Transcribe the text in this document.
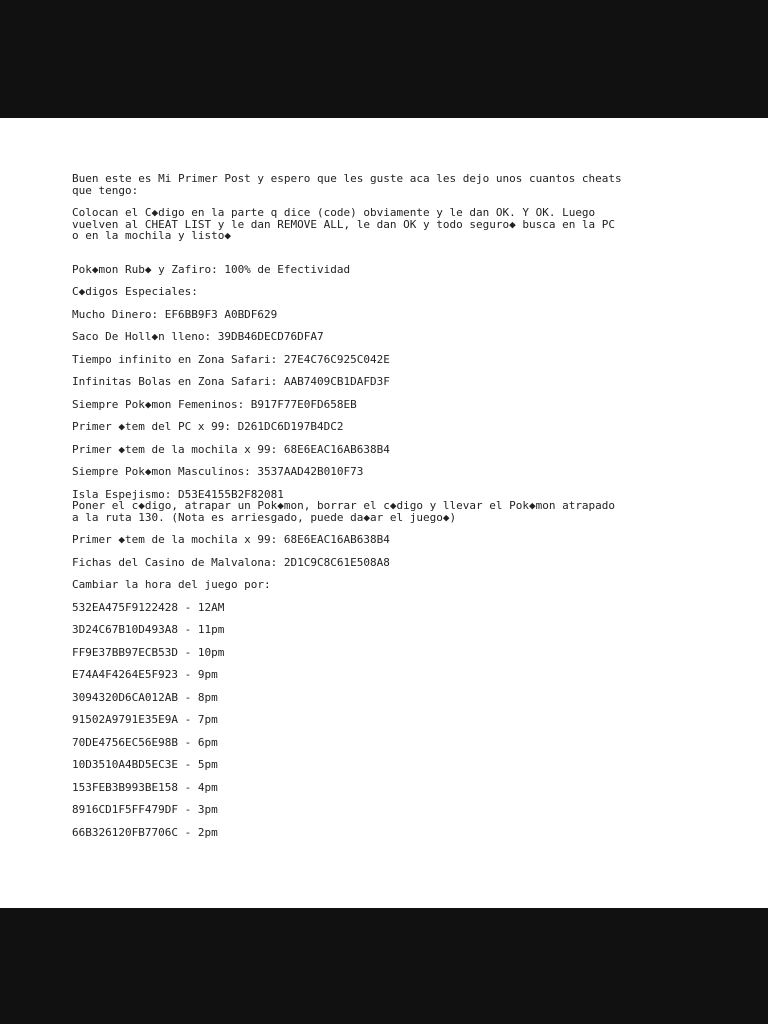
Buen este es Mi Primer Post y espero que les guste aca les dejo unos cuantos cheats
que tengo:
Colocan el C◆digo en la parte q dice (code) obviamente y le dan OK. Y OK. Luego
vuelven al CHEAT LIST y le dan REMOVE ALL, le dan OK y todo seguro◆ busca en la PC
o en la mochila y listo◆
Pok◆mon Rub◆ y Zafiro: 100% de Efectividad
C◆digos Especiales:
Mucho Dinero: EF6BB9F3 A0BDF629
Saco De Holl◆n lleno: 39DB46DECD76DFA7
Tiempo infinito en Zona Safari: 27E4C76C925C042E
Infinitas Bolas en Zona Safari: AAB7409CB1DAFD3F
Siempre Pok◆mon Femeninos: B917F77E0FD658EB
Primer ◆tem del PC x 99: D261DC6D197B4DC2
Primer ◆tem de la mochila x 99: 68E6EAC16AB638B4
Siempre Pok◆mon Masculinos: 3537AAD42B010F73
Isla Espejismo: D53E4155B2F82081
Poner el c◆digo, atrapar un Pok◆mon, borrar el c◆digo y llevar el Pok◆mon atrapado
a la ruta 130. (Nota es arriesgado, puede da◆ar el juego◆)
Primer ◆tem de la mochila x 99: 68E6EAC16AB638B4
Fichas del Casino de Malvalona: 2D1C9C8C61E508A8
Cambiar la hora del juego por:
532EA475F9122428 - 12AM
3D24C67B10D493A8 - 11pm
FF9E37BB97ECB53D - 10pm
E74A4F4264E5F923 - 9pm
3094320D6CA012AB - 8pm
91502A9791E35E9A - 7pm
70DE4756EC56E98B - 6pm
10D3510A4BD5EC3E - 5pm
153FEB3B993BE158 - 4pm
8916CD1F5FF479DF - 3pm
66B326120FB7706C - 2pm
